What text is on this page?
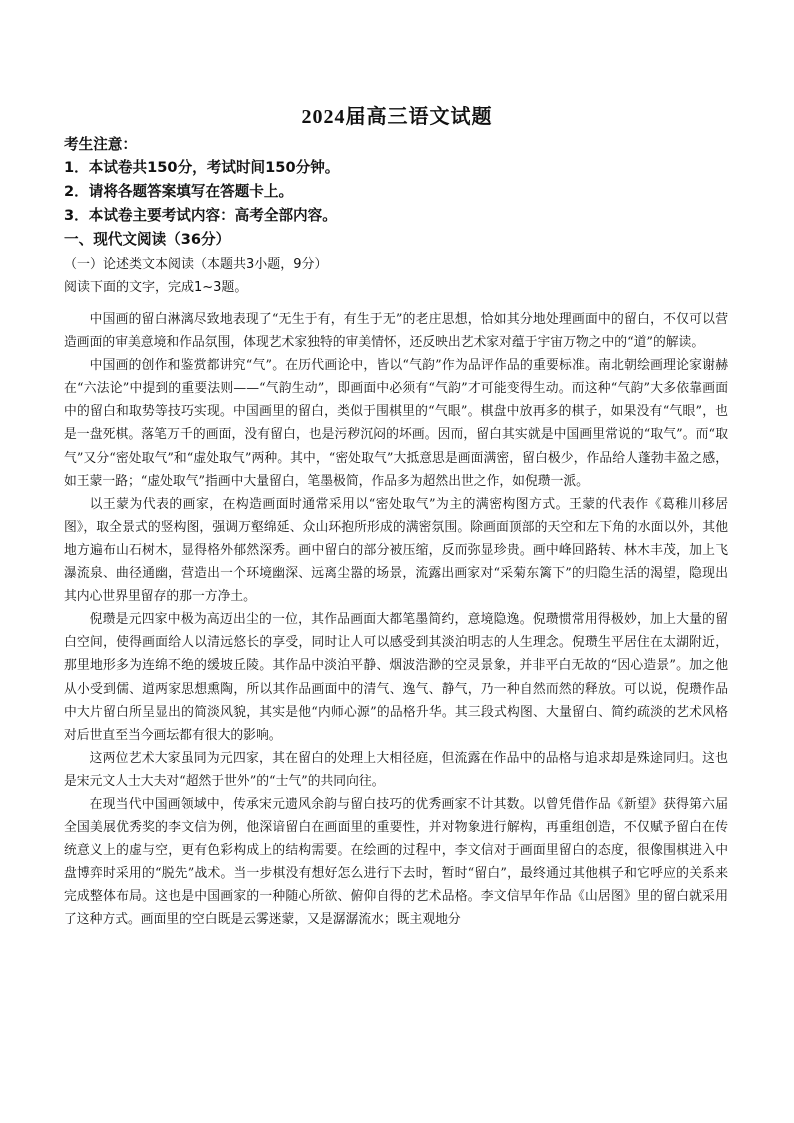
2024届高三语文试题
考生注意：
1．本试卷共150分，考试时间150分钟。
2．请将各题答案填写在答题卡上。
3．本试卷主要考试内容：高考全部内容。
一、现代文阅读（36分）
（一）论述类文本阅读（本题共3小题，9分）
阅读下面的文字，完成1~3题。

中国画的留白淋漓尽致地表现了“无生于有，有生于无”的老庄思想，恰如其分地处理画面中的留白，不仅可以营造画面的审美意境和作品氛围，体现艺术家独特的审美情怀，还反映出艺术家对蕴于宇宙万物之中的“道”的解读。

中国画的创作和鉴赏都讲究“气”。在历代画论中，皆以“气韵”作为品评作品的重要标准。南北朝绘画理论家谢赫在“六法论”中提到的重要法则——“气韵生动”，即画面中必须有“气韵”才可能变得生动。而这种“气韵”大多依靠画面中的留白和取势等技巧实现。中国画里的留白，类似于围棋里的“气眼”。棋盘中放再多的棋子，如果没有“气眼”，也是一盘死棋。落笔万千的画面，没有留白，也是污秽沉闷的坏画。因而，留白其实就是中国画里常说的“取气”。而“取气”又分“密处取气”和“虚处取气”两种。其中，“密处取气”大抵意思是画面满密，留白极少，作品给人蓬勃丰盈之感，如王蒙一路；“虚处取气”指画中大量留白，笔墨极简，作品多为超然出世之作，如倪瓒一派。

以王蒙为代表的画家，在构造画面时通常采用以“密处取气”为主的满密构图方式。王蒙的代表作《葛稚川移居图》，取全景式的竖构图，强调万壑绵延、众山环抱所形成的满密氛围。除画面顶部的天空和左下角的水面以外，其他地方遍布山石树木，显得格外郁然深秀。画中留白的部分被压缩，反而弥显珍贵。画中峰回路转、林木丰茂，加上飞瀑流泉、曲径通幽，营造出一个环境幽深、远离尘嚣的场景，流露出画家对“采菊东篱下”的归隐生活的渴望，隐现出其内心世界里留存的那一方净土。

倪瓒是元四家中极为高迈出尘的一位，其作品画面大都笔墨简约，意境隐逸。倪瓒惯常用得极妙，加上大量的留白空间，使得画面给人以清远悠长的享受，同时让人可以感受到其淡泊明志的人生理念。倪瓒生平居住在太湖附近，那里地形多为连绵不绝的缓坡丘陵。其作品中淡泊平静、烟波浩渺的空灵景象，并非平白无故的“因心造景”。加之他从小受到儒、道两家思想熏陶，所以其作品画面中的清气、逸气、静气，乃一种自然而然的释放。可以说，倪瓒作品中大片留白所呈显出的简淡风貌，其实是他“内师心源”的品格升华。其三段式构图、大量留白、简约疏淡的艺术风格对后世直至当今画坛都有很大的影响。

这两位艺术大家虽同为元四家，其在留白的处理上大相径庭，但流露在作品中的品格与追求却是殊途同归。这也是宋元文人士大夫对“超然于世外”的“士气”的共同向往。

在现当代中国画领域中，传承宋元遗风余韵与留白技巧的优秀画家不计其数。以曾凭借作品《新望》获得第六届全国美展优秀奖的李文信为例，他深谙留白在画面里的重要性，并对物象进行解构，再重组创造，不仅赋予留白在传统意义上的虚与空，更有色彩构成上的结构需要。在绘画的过程中，李文信对于画面里留白的态度，很像围棋进入中盘博弈时采用的“脱先”战术。当一步棋没有想好怎么进行下去时，暂时“留白”，最终通过其他棋子和它呼应的关系来完成整体布局。这也是中国画家的一种随心所欲、俯仰自得的艺术品格。李文信早年作品《山居图》里的留白就采用了这种方式。画面里的空白既是云雾迷蒙，又是潺潺流水；既主观地分
